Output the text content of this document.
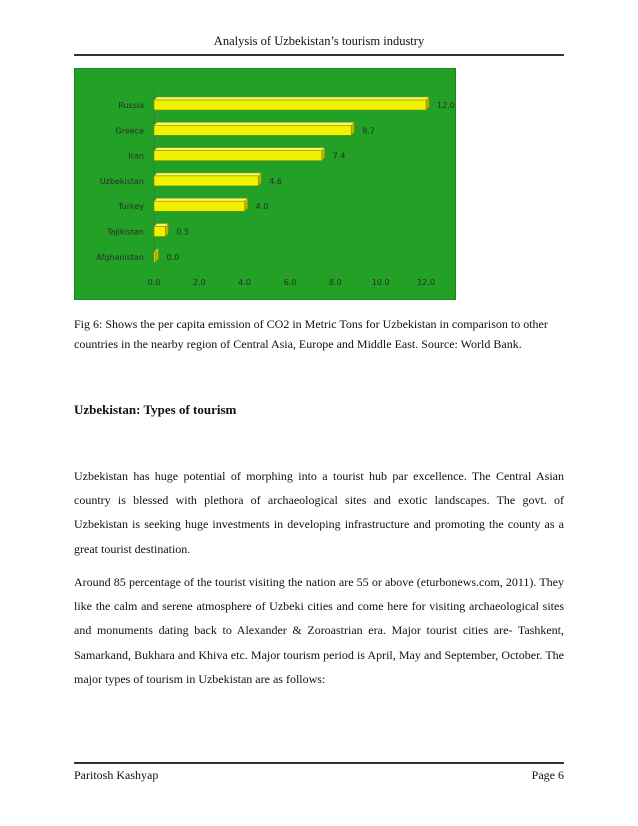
Analysis of Uzbekistan’s tourism industry
Russia	12.0
Greece	8.7
Iran	7.4
Uzbekistan	4.6
Turkey	4.0
Tajikistan	0.5
Afghanistan	0.0
0.0	2.0	4.0	6.0	8.0	10.0	12.0
Fig 6: Shows the per capita emission of CO2 in Metric Tons for Uzbekistan in comparison to other countries in the nearby region of Central Asia, Europe and Middle East. Source: World Bank.
Uzbekistan: Types of tourism
Uzbekistan has huge potential of morphing into a tourist hub par excellence. The Central Asian country is blessed with plethora of archaeological sites and exotic landscapes. The govt. of Uzbekistan is seeking huge investments in developing infrastructure and promoting the county as a great tourist destination.
Around 85 percentage of the tourist visiting the nation are 55 or above (eturbonews.com, 2011). They like the calm and serene atmosphere of Uzbeki cities and come here for visiting archaeological sites and monuments dating back to Alexander & Zoroastrian era. Major tourist cities are- Tashkent, Samarkand, Bukhara and Khiva etc. Major tourism period is April, May and September, October. The major types of tourism in Uzbekistan are as follows:
Paritosh Kashyap	Page 6
